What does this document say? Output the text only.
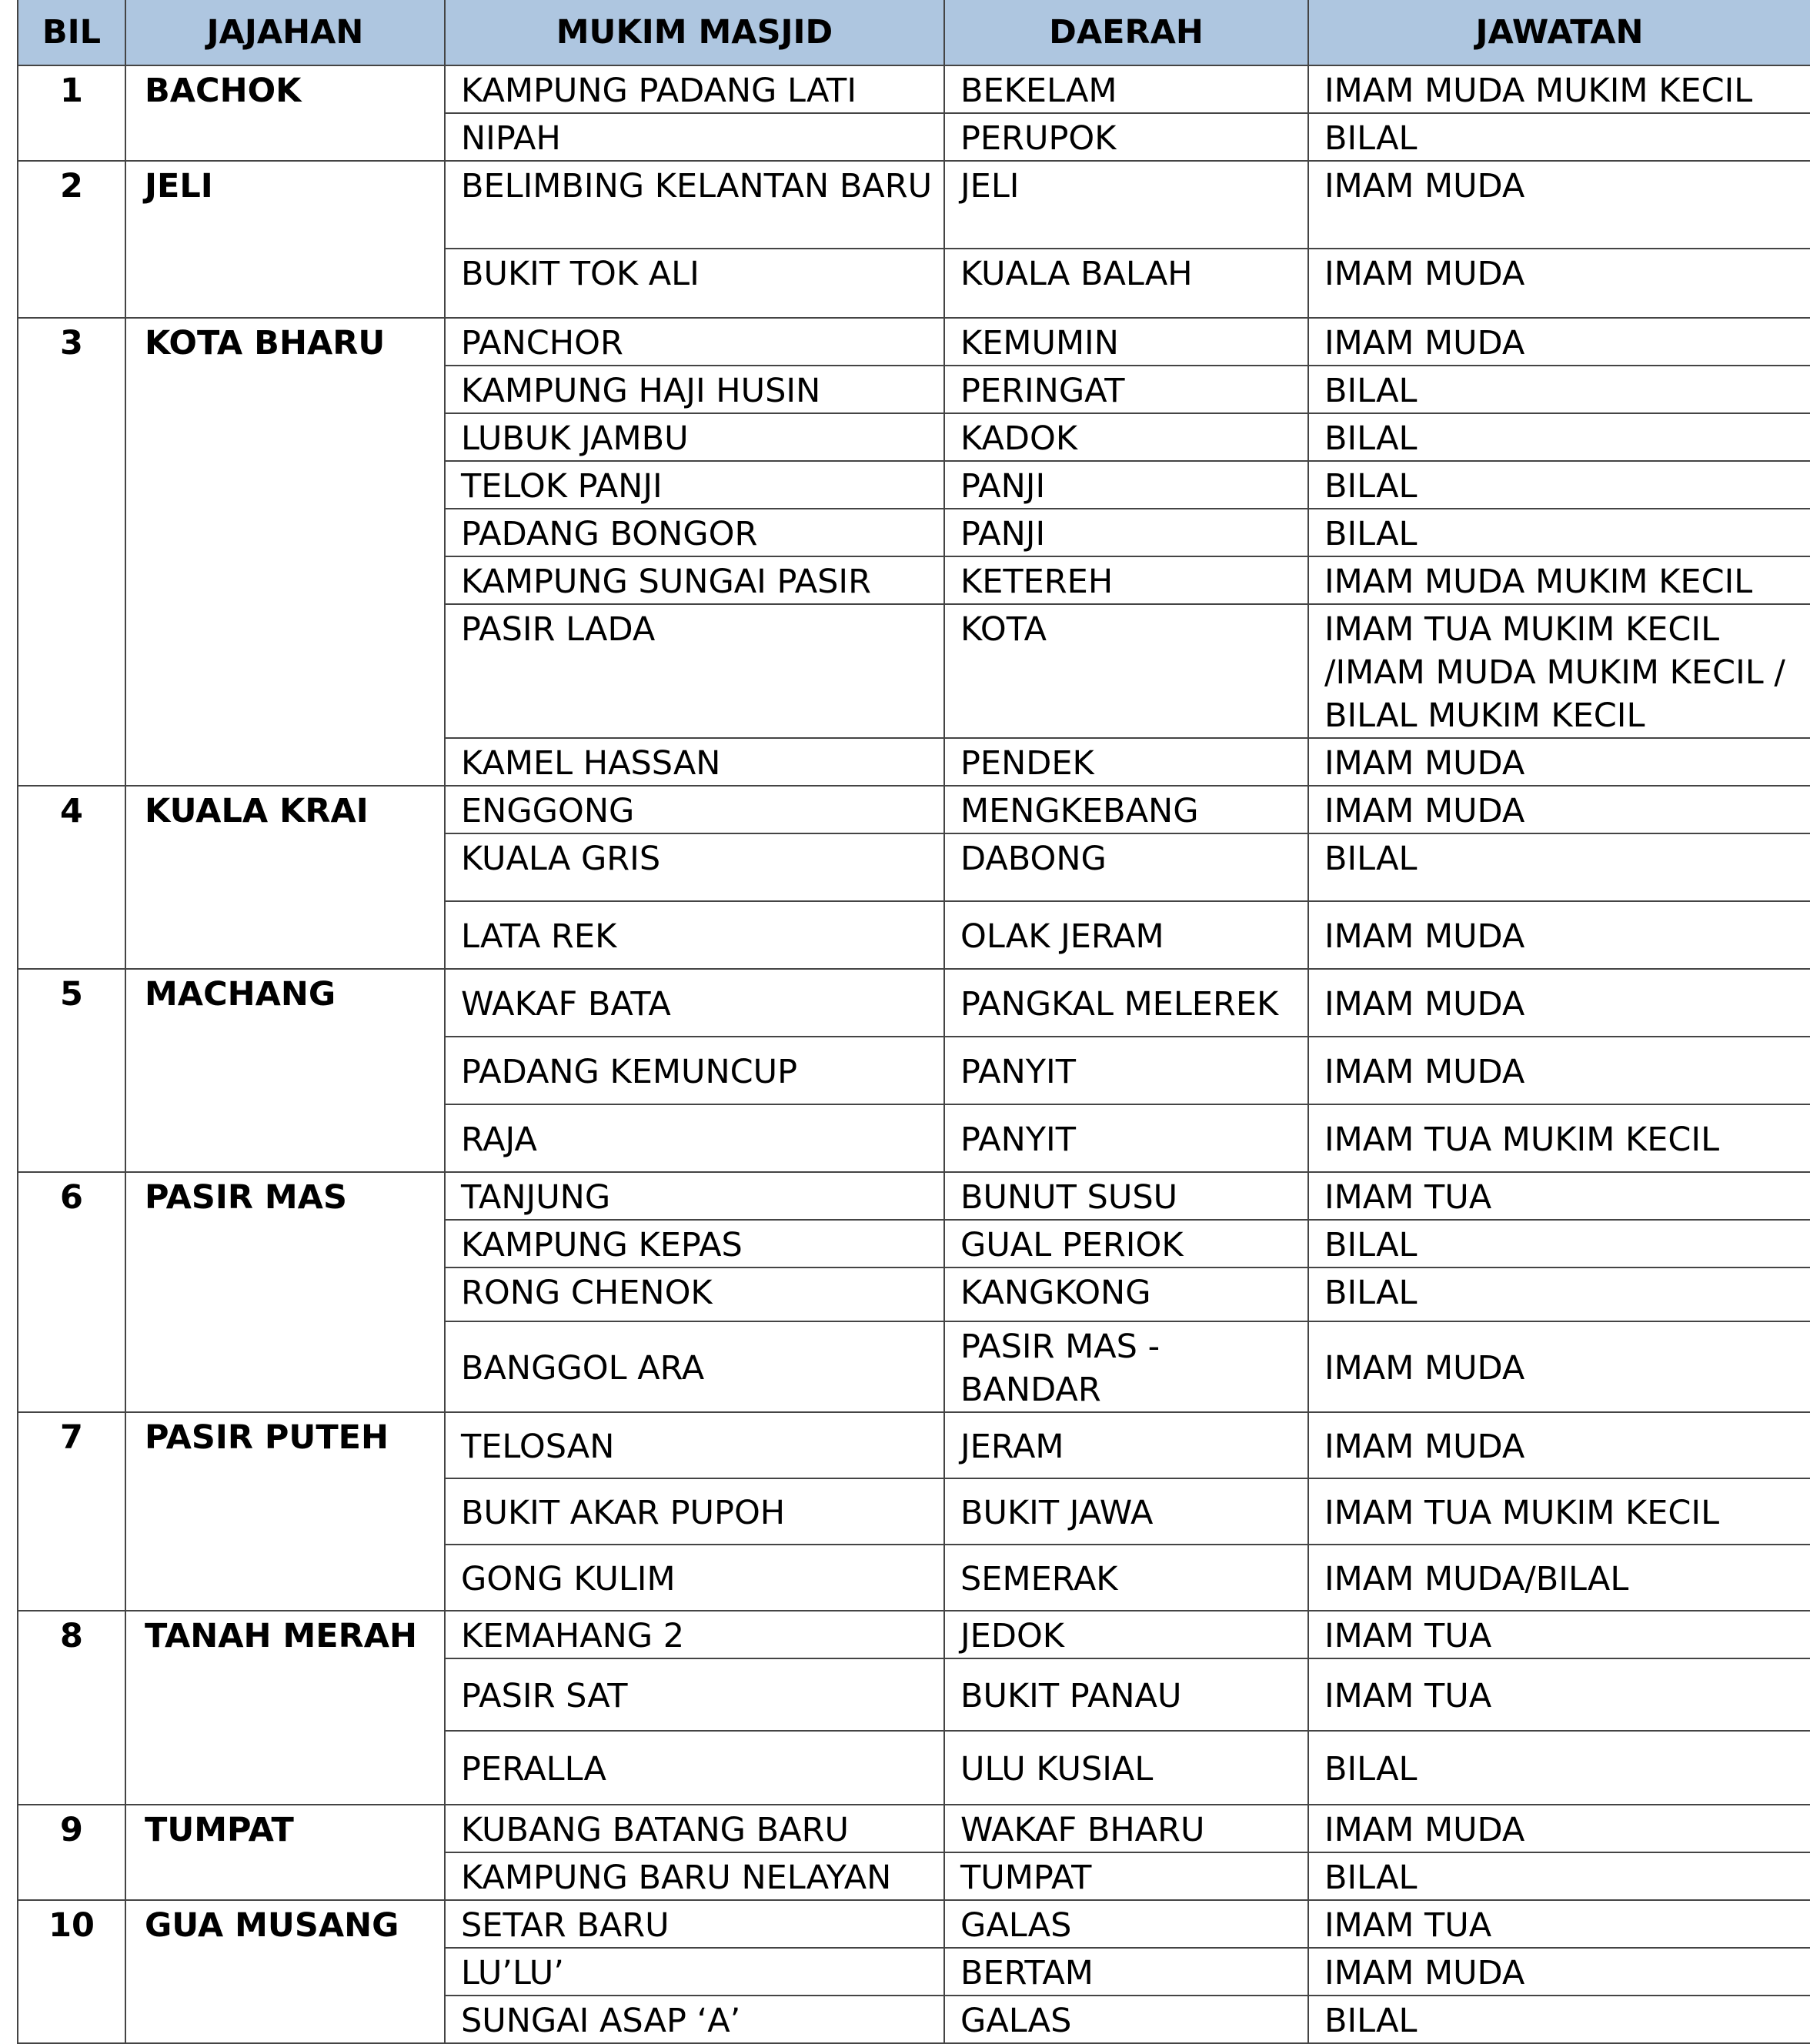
BIL	JAJAHAN	MUKIM MASJID	DAERAH	JAWATAN
1	BACHOK	KAMPUNG PADANG LATI	BEKELAM	IMAM MUDA MUKIM KECIL
		NIPAH	PERUPOK	BILAL
2	JELI	BELIMBING KELANTAN BARU	JELI	IMAM MUDA
		BUKIT TOK ALI	KUALA BALAH	IMAM MUDA
3	KOTA BHARU	PANCHOR	KEMUMIN	IMAM MUDA
		KAMPUNG HAJI HUSIN	PERINGAT	BILAL
		LUBUK JAMBU	KADOK	BILAL
		TELOK PANJI	PANJI	BILAL
		PADANG BONGOR	PANJI	BILAL
		KAMPUNG SUNGAI PASIR	KETEREH	IMAM MUDA MUKIM KECIL
		PASIR LADA	KOTA	IMAM TUA MUKIM KECIL /IMAM MUDA MUKIM KECIL / BILAL MUKIM KECIL
		KAMEL HASSAN	PENDEK	IMAM MUDA
4	KUALA KRAI	ENGGONG	MENGKEBANG	IMAM MUDA
		KUALA GRIS	DABONG	BILAL
		LATA REK	OLAK JERAM	IMAM MUDA
5	MACHANG	WAKAF BATA	PANGKAL MELEREK	IMAM MUDA
		PADANG KEMUNCUP	PANYIT	IMAM MUDA
		RAJA	PANYIT	IMAM TUA MUKIM KECIL
6	PASIR MAS	TANJUNG	BUNUT SUSU	IMAM TUA
		KAMPUNG KEPAS	GUAL PERIOK	BILAL
		RONG CHENOK	KANGKONG	BILAL
		BANGGOL ARA	PASIR MAS - BANDAR	IMAM MUDA
7	PASIR PUTEH	TELOSAN	JERAM	IMAM MUDA
		BUKIT AKAR PUPOH	BUKIT JAWA	IMAM TUA MUKIM KECIL
		GONG KULIM	SEMERAK	IMAM MUDA/BILAL
8	TANAH MERAH	KEMAHANG 2	JEDOK	IMAM TUA
		PASIR SAT	BUKIT PANAU	IMAM TUA
		PERALLA	ULU KUSIAL	BILAL
9	TUMPAT	KUBANG BATANG BARU	WAKAF BHARU	IMAM MUDA
		KAMPUNG BARU NELAYAN	TUMPAT	BILAL
10	GUA MUSANG	SETAR BARU	GALAS	IMAM TUA
		LU’LU’	BERTAM	IMAM MUDA
		SUNGAI ASAP ‘A’	GALAS	BILAL
